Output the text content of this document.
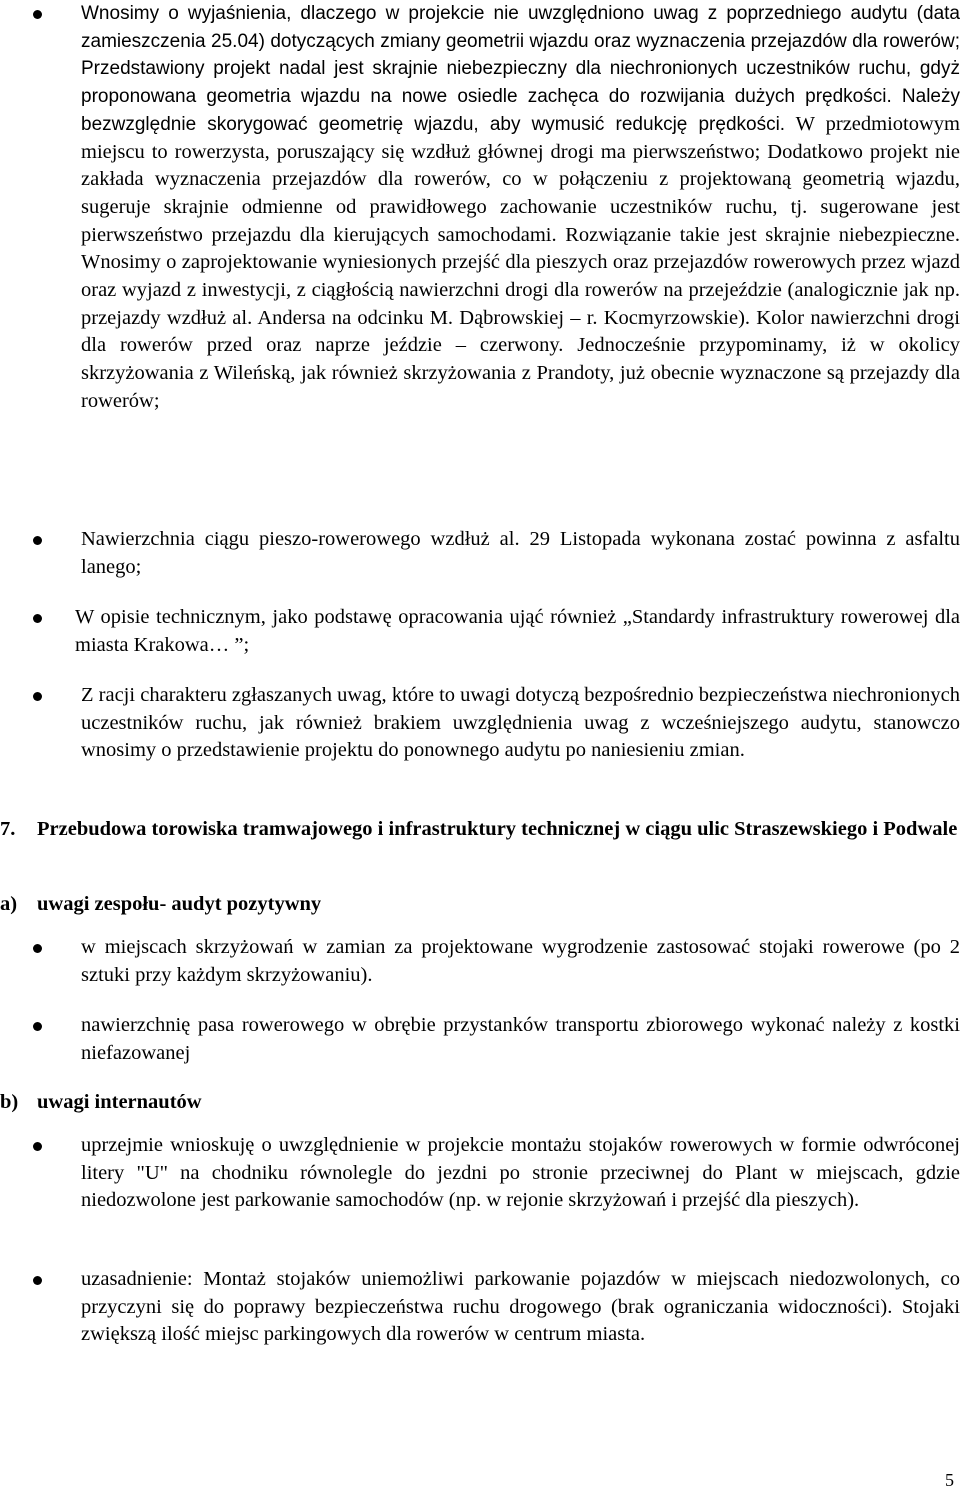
Wnosimy o wyjaśnienia, dlaczego w projekcie nie uwzględniono uwag z poprzedniego audytu (data zamieszczenia 25.04) dotyczących zmiany geometrii wjazdu oraz wyznaczenia przejazdów dla rowerów; Przedstawiony projekt nadal jest skrajnie niebezpieczny dla niechronionych uczestników ruchu, gdyż proponowana geometria wjazdu na nowe osiedle zachęca do rozwijania dużych prędkości. Należy bezwzględnie skorygować geometrię wjazdu, aby wymusić redukcję prędkości. W przedmiotowym miejscu to rowerzysta, poruszający się wzdłuż głównej drogi ma pierwszeństwo; Dodatkowo projekt nie zakłada wyznaczenia przejazdów dla rowerów, co w połączeniu z projektowaną geometrią wjazdu, sugeruje skrajnie odmienne od prawidłowego zachowanie uczestników ruchu, tj. sugerowane jest pierwszeństwo przejazdu dla kierujących samochodami. Rozwiązanie takie jest skrajnie niebezpieczne. Wnosimy o zaprojektowanie wyniesionych przejść dla pieszych oraz przejazdów rowerowych przez wjazd oraz wyjazd z inwestycji, z ciągłością nawierzchni drogi dla rowerów na przejeździe (analogicznie jak np. przejazdy wzdłuż al. Andersa na odcinku M. Dąbrowskiej – r. Kocmyrzowskie). Kolor nawierzchni drogi dla rowerów przed oraz naprze jeździe – czerwony. Jednocześnie przypominamy, iż w okolicy skrzyżowania z Wileńską, jak również skrzyżowania z Prandoty, już obecnie wyznaczone są przejazdy dla rowerów;

Nawierzchnia ciągu pieszo-rowerowego wzdłuż al. 29 Listopada wykonana zostać powinna z asfaltu lanego;

W opisie technicznym, jako podstawę opracowania ująć również „Standardy infrastruktury rowerowej dla miasta Krakowa… ”;

Z racji charakteru zgłaszanych uwag, które to uwagi dotyczą bezpośrednio bezpieczeństwa niechronionych uczestników ruchu, jak również brakiem uwzględnienia uwag z wcześniejszego audytu, stanowczo wnosimy o przedstawienie projektu do ponownego audytu po naniesieniu zmian.

7. Przebudowa torowiska tramwajowego i infrastruktury technicznej w ciągu ulic Straszewskiego i Podwale

a) uwagi zespołu- audyt pozytywny

w miejscach skrzyżowań w zamian za projektowane wygrodzenie zastosować stojaki rowerowe (po 2 sztuki przy każdym skrzyżowaniu).

nawierzchnię pasa rowerowego w obrębie przystanków transportu zbiorowego wykonać należy z kostki niefazowanej

b) uwagi internautów

uprzejmie wnioskuję o uwzględnienie w projekcie montażu stojaków rowerowych w formie odwróconej litery "U" na chodniku równolegle do jezdni po stronie przeciwnej do Plant w miejscach, gdzie niedozwolone jest parkowanie samochodów (np. w rejonie skrzyżowań i przejść dla pieszych).

uzasadnienie: Montaż stojaków uniemożliwi parkowanie pojazdów w miejscach niedozwolonych, co przyczyni się do poprawy bezpieczeństwa ruchu drogowego (brak ograniczania widoczności). Stojaki zwiększą ilość miejsc parkingowych dla rowerów w centrum miasta.

5
